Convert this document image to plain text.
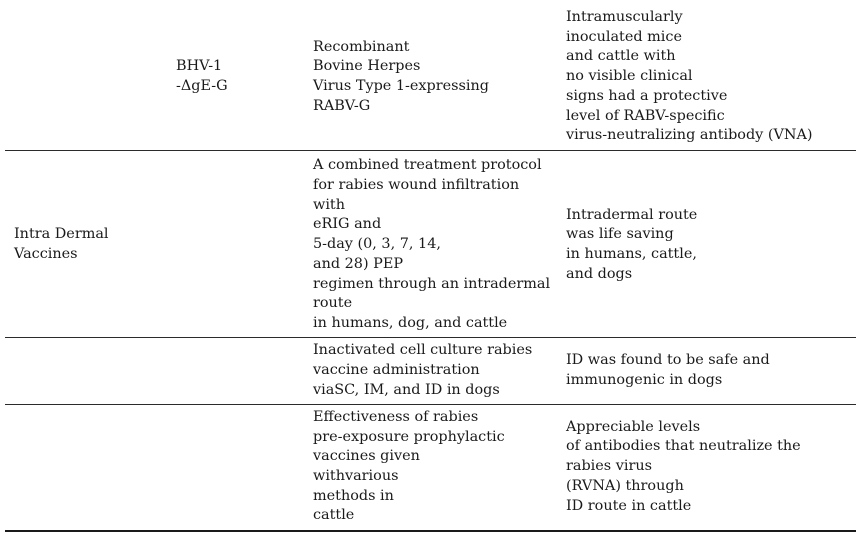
BHV-1
-ΔgE-G
Recombinant
Bovine Herpes
Virus Type 1-expressing
RABV-G
Intramuscularly
inoculated mice
and cattle with
no visible clinical
signs had a protective
level of RABV-specific
virus-neutralizing antibody (VNA)
Intra Dermal
Vaccines
A combined treatment protocol
for rabies wound infiltration
with
eRIG and
5-day (0, 3, 7, 14,
and 28) PEP
regimen through an intradermal
route
in humans, dog, and cattle
Intradermal route
was life saving
in humans, cattle,
and dogs
Inactivated cell culture rabies
vaccine administration
viaSC, IM, and ID in dogs
ID was found to be safe and
immunogenic in dogs
Effectiveness of rabies
pre-exposure prophylactic
vaccines given
withvarious
methods in
cattle
Appreciable levels
of antibodies that neutralize the
rabies virus
(RVNA) through
ID route in cattle
